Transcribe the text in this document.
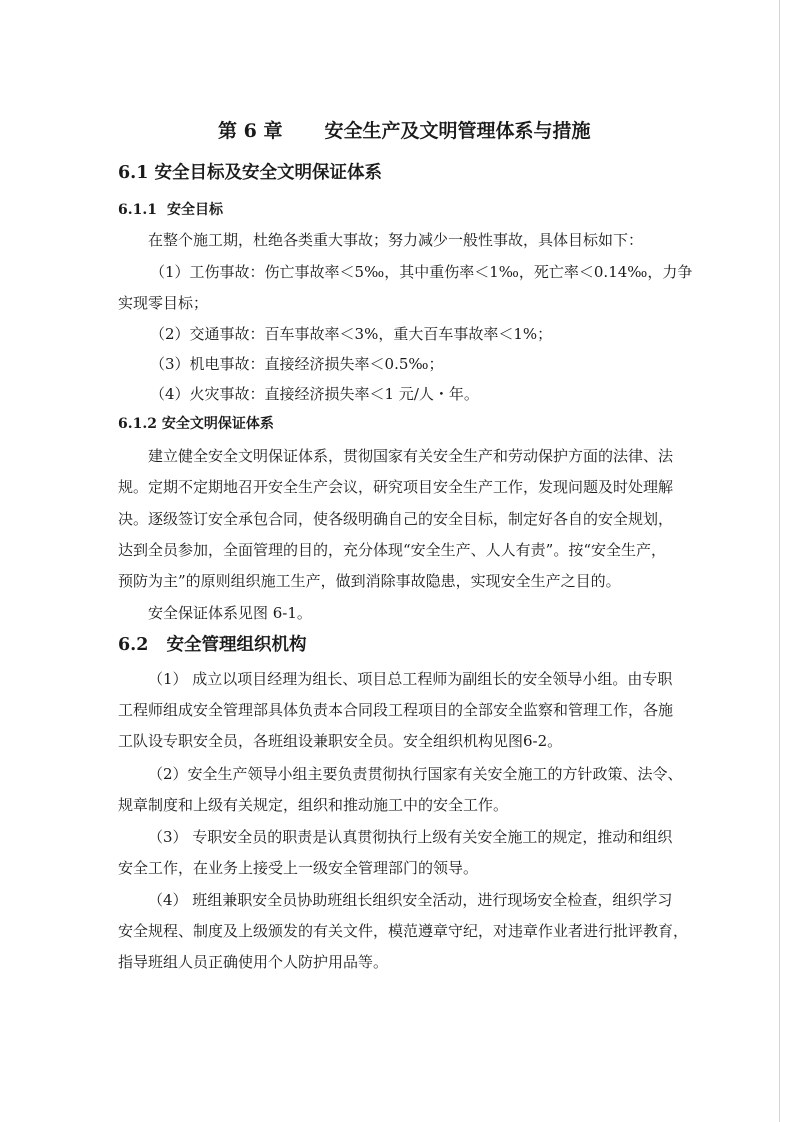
第 6 章 安全生产及文明管理体系与措施
6.1 安全目标及安全文明保证体系
6.1.1 安全目标
在整个施工期，杜绝各类重大事故；努力减少一般性事故，具体目标如下：
（1）工伤事故：伤亡事故率＜5‰，其中重伤率＜1‰，死亡率＜0.14‰，力争
实现零目标；
（2）交通事故：百车事故率＜3%，重大百车事故率＜1%；
（3）机电事故：直接经济损失率＜0.5‰；
（4）火灾事故：直接经济损失率＜1 元/人・年。
6.1.2 安全文明保证体系
建立健全安全文明保证体系，贯彻国家有关安全生产和劳动保护方面的法律、法
规。定期不定期地召开安全生产会议，研究项目安全生产工作，发现问题及时处理解
决。逐级签订安全承包合同，使各级明确自己的安全目标，制定好各自的安全规划，
达到全员参加，全面管理的目的，充分体现“安全生产、人人有责”。按“安全生产，
预防为主”的原则组织施工生产，做到消除事故隐患，实现安全生产之目的。
安全保证体系见图 6-1。
6.2 安全管理组织机构
（1） 成立以项目经理为组长、项目总工程师为副组长的安全领导小组。由专职
工程师组成安全管理部具体负责本合同段工程项目的全部安全监察和管理工作，各施
工队设专职安全员，各班组设兼职安全员。安全组织机构见图6-2。
（2）安全生产领导小组主要负责贯彻执行国家有关安全施工的方针政策、法令、
规章制度和上级有关规定，组织和推动施工中的安全工作。
（3） 专职安全员的职责是认真贯彻执行上级有关安全施工的规定，推动和组织
安全工作，在业务上接受上一级安全管理部门的领导。
（4） 班组兼职安全员协助班组长组织安全活动，进行现场安全检查，组织学习
安全规程、制度及上级颁发的有关文件，模范遵章守纪，对违章作业者进行批评教育，
指导班组人员正确使用个人防护用品等。
